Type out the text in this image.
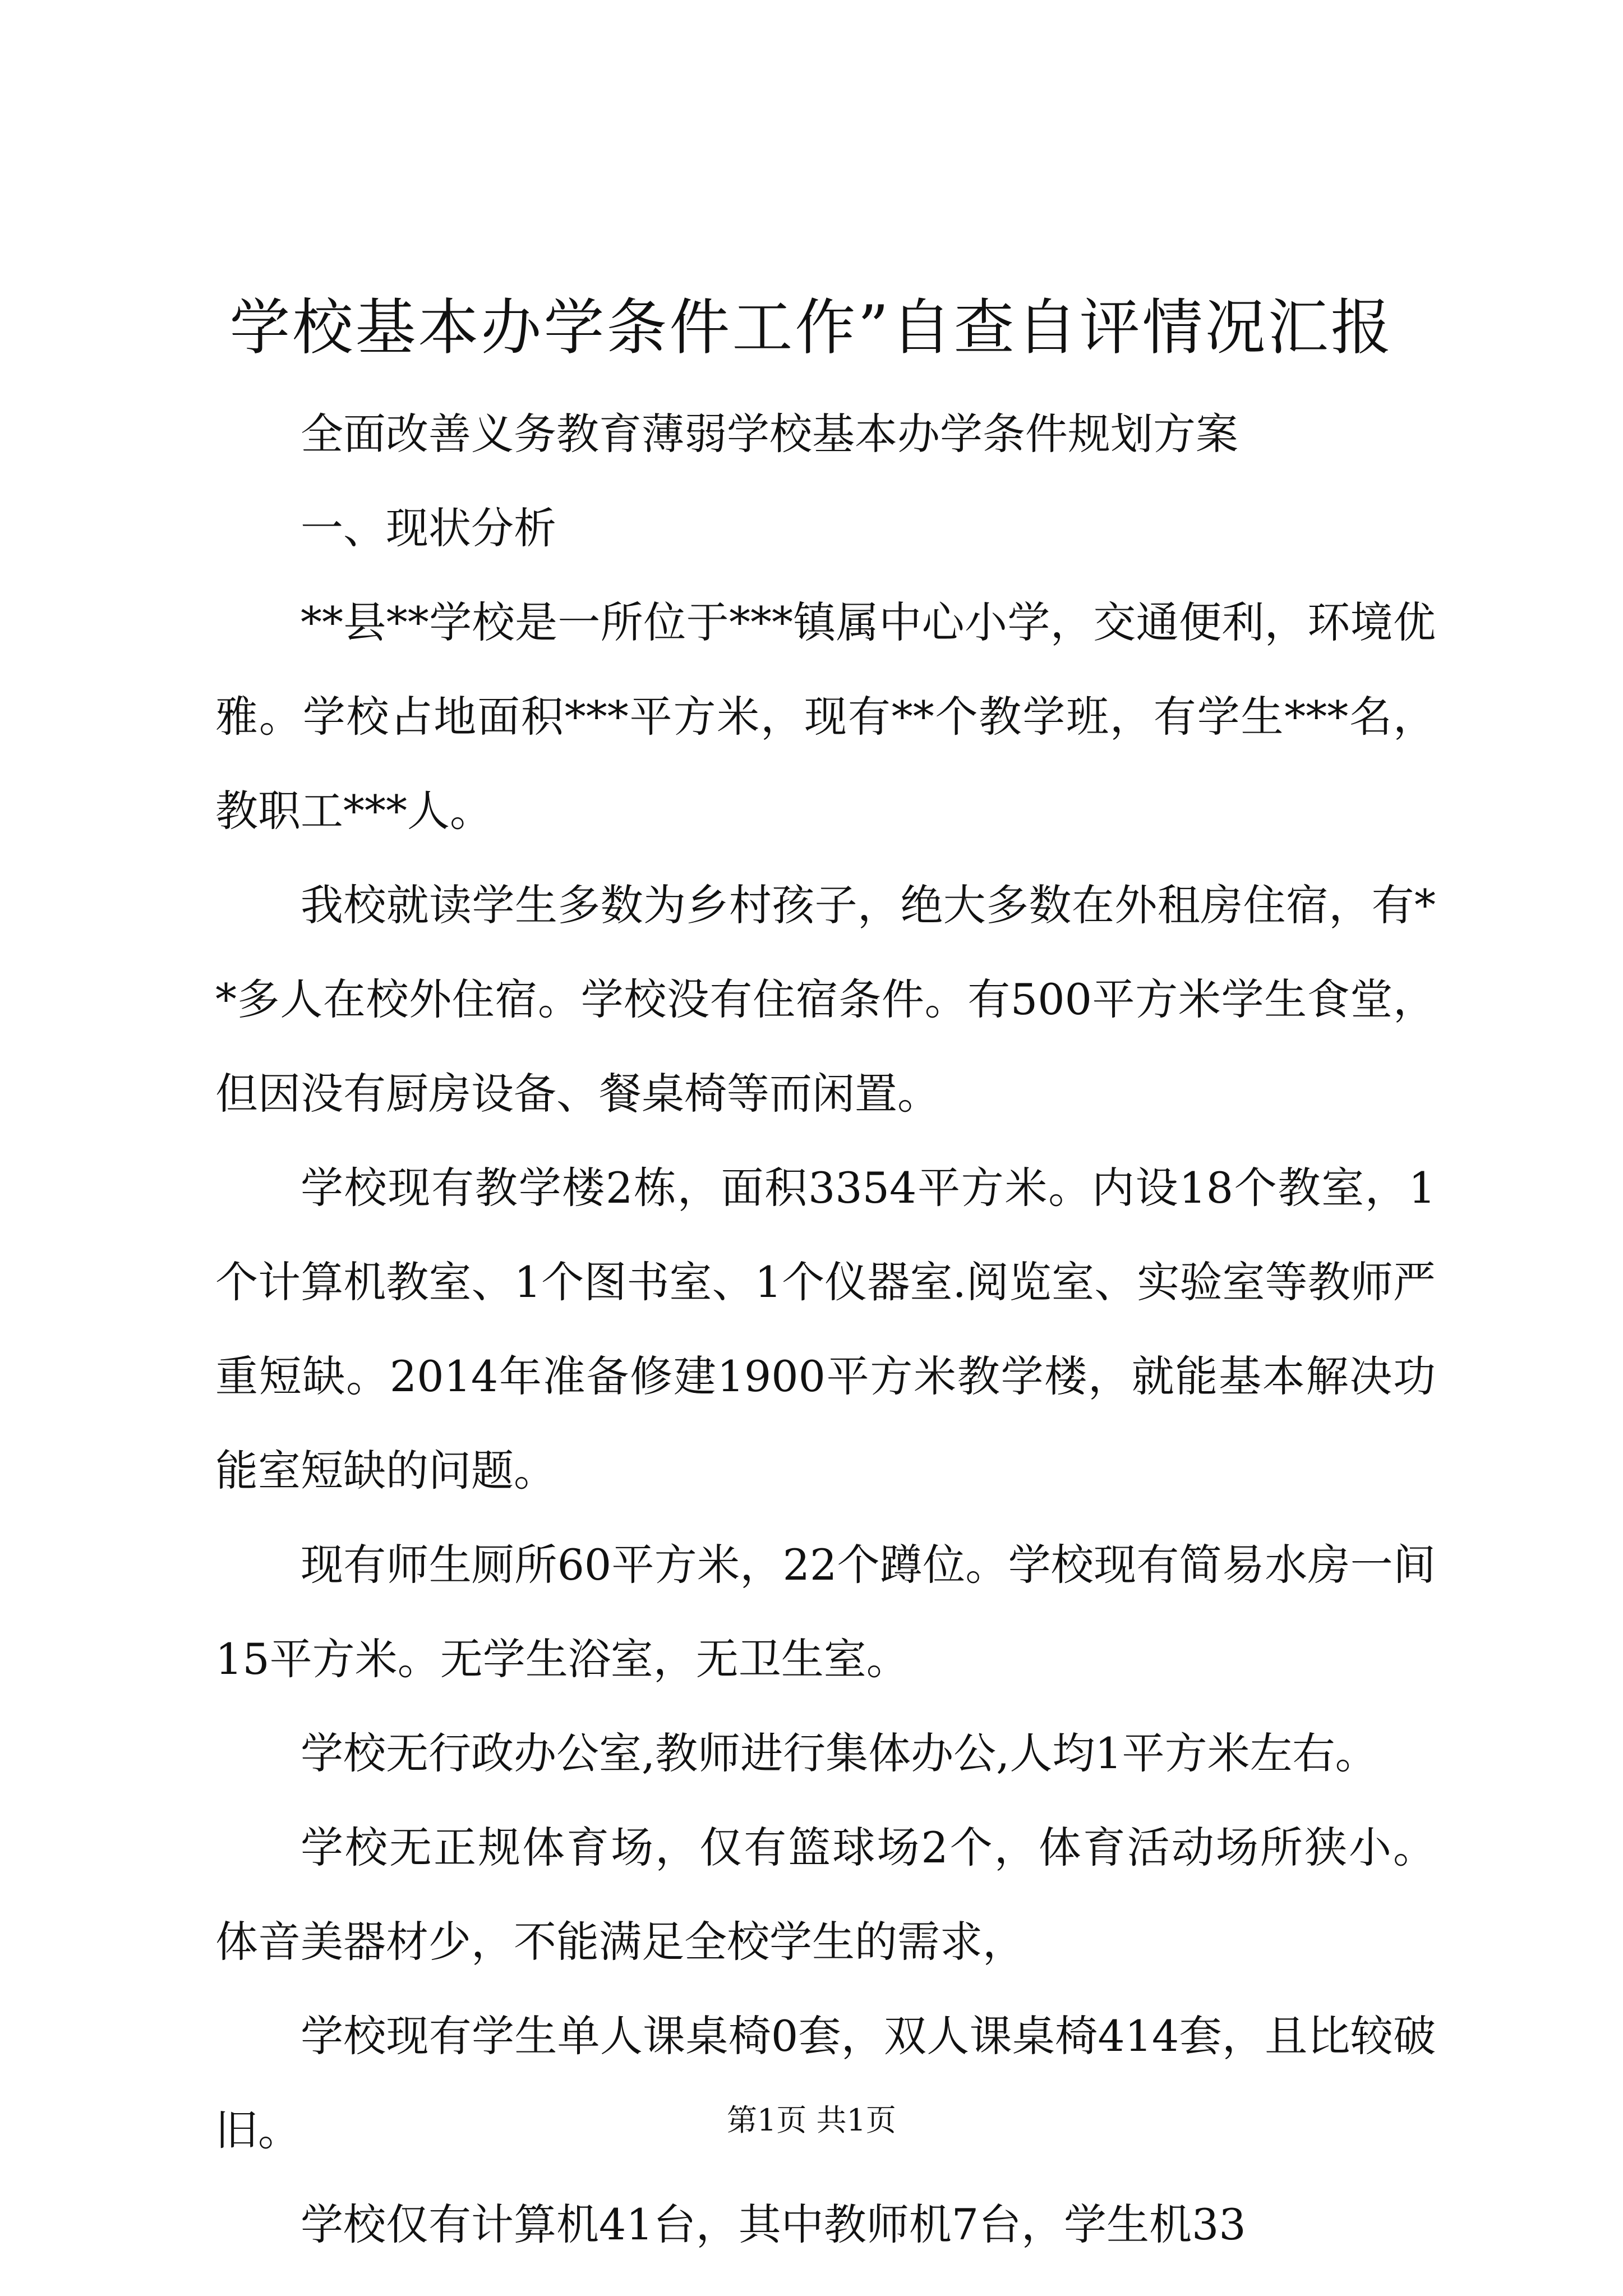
学校基本办学条件工作”自查自评情况汇报

全面改善义务教育薄弱学校基本办学条件规划方案

一、现状分析

**县**学校是一所位于***镇属中心小学，交通便利，环境优雅。学校占地面积***平方米，现有**个教学班，有学生***名，教职工***人。

我校就读学生多数为乡村孩子，绝大多数在外租房住宿，有**多人在校外住宿。学校没有住宿条件。有500平方米学生食堂，但因没有厨房设备、餐桌椅等而闲置。

学校现有教学楼2栋，面积3354平方米。内设18个教室，1个计算机教室、1个图书室、1个仪器室.阅览室、实验室等教师严重短缺。2014年准备修建1900平方米教学楼，就能基本解决功能室短缺的问题。

现有师生厕所60平方米，22个蹲位。学校现有简易水房一间15平方米。无学生浴室，无卫生室。

学校无行政办公室,教师进行集体办公,人均1平方米左右。

学校无正规体育场，仅有篮球场2个，体育活动场所狭小。体音美器材少，不能满足全校学生的需求，

学校现有学生单人课桌椅0套，双人课桌椅414套，且比较破旧。

学校仅有计算机41台，其中教师机7台，学生机33

第1页 共1页
